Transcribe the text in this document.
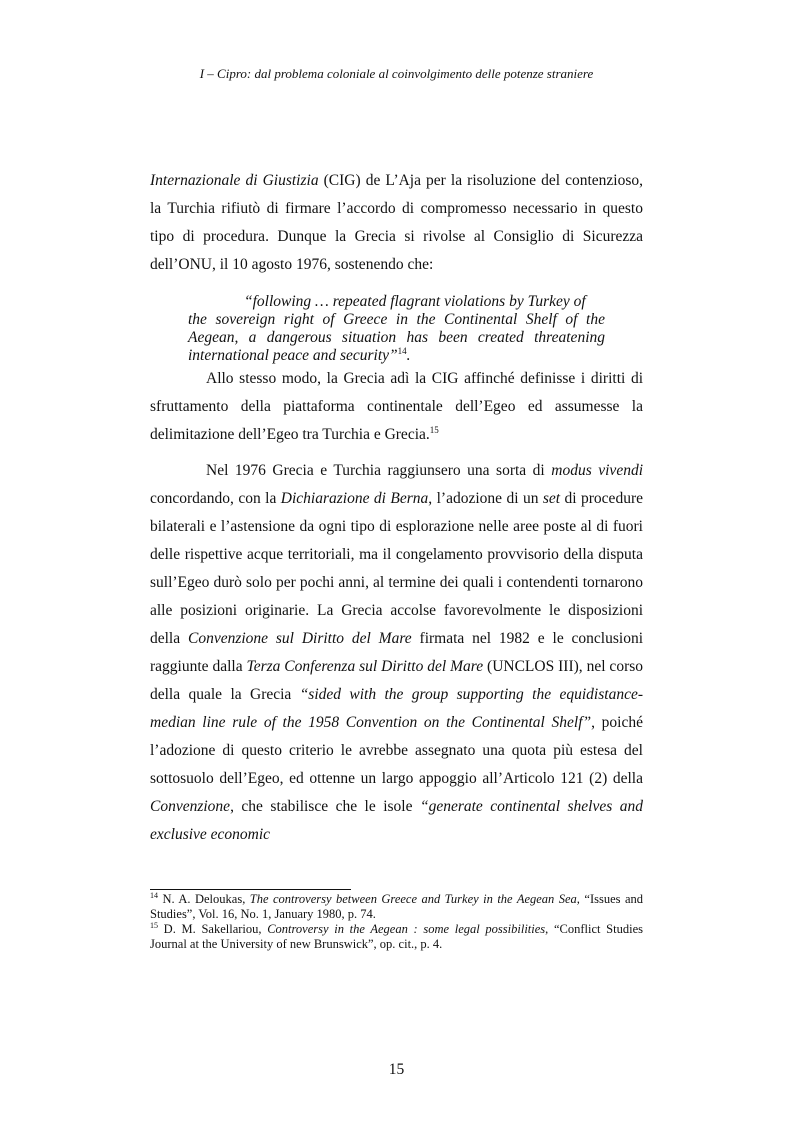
I – Cipro: dal problema coloniale al coinvolgimento delle potenze straniere

Internazionale di Giustizia (CIG) de L’Aja per la risoluzione del contenzioso, la Turchia rifiutò di firmare l’accordo di compromesso necessario in questo tipo di procedura. Dunque la Grecia si rivolse al Consiglio di Sicurezza dell’ONU, il 10 agosto 1976, sostenendo che:

“following … repeated flagrant violations by Turkey of
the sovereign right of Greece in the Continental Shelf of the Aegean, a dangerous situation has been created threatening international peace and security”$^{14}$.

Allo stesso modo, la Grecia adì la CIG affinché definisse i diritti di sfruttamento della piattaforma continentale dell’Egeo ed assumesse la delimitazione dell’Egeo tra Turchia e Grecia.$^{15}$

Nel 1976 Grecia e Turchia raggiunsero una sorta di modus vivendi concordando, con la Dichiarazione di Berna, l’adozione di un set di procedure bilaterali e l’astensione da ogni tipo di esplorazione nelle aree poste al di fuori delle rispettive acque territoriali, ma il congelamento provvisorio della disputa sull’Egeo durò solo per pochi anni, al termine dei quali i contendenti tornarono alle posizioni originarie. La Grecia accolse favorevolmente le disposizioni della Convenzione sul Diritto del Mare firmata nel 1982 e le conclusioni raggiunte dalla Terza Conferenza sul Diritto del Mare (UNCLOS III), nel corso della quale la Grecia “sided with the group supporting the equidistance-median line rule of the 1958 Convention on the Continental Shelf”, poiché l’adozione di questo criterio le avrebbe assegnato una quota più estesa del sottosuolo dell’Egeo, ed ottenne un largo appoggio all’Articolo 121 (2) della Convenzione, che stabilisce che le isole “generate continental shelves and exclusive economic

$^{14}$ N. A. Deloukas, The controversy between Greece and Turkey in the Aegean Sea, “Issues and Studies”, Vol. 16, No. 1, January 1980, p. 74.

$^{15}$ D. M. Sakellariou, Controversy in the Aegean : some legal possibilities, “Conflict Studies Journal at the University of new Brunswick”, op. cit., p. 4.

15
